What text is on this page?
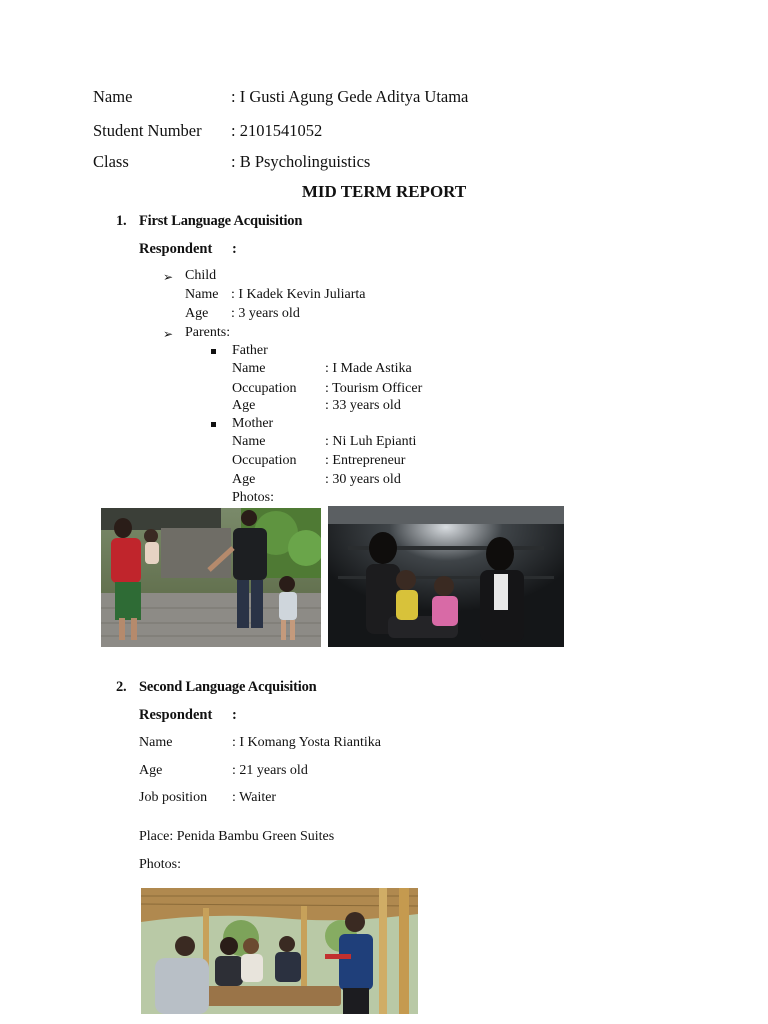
Name	: I Gusti Agung Gede Aditya Utama
Student Number : 2101541052
Class	: B Psycholinguistics
MID TERM REPORT
1. First Language Acquisition
Respondent :
➢ Child
Name : I Kadek Kevin Juliarta
Age : 3 years old
➢ Parents:
Father
Name	: I Made Astika
Occupation : Tourism Officer
Age	: 33 years old
Mother
Name	: Ni Luh Epianti
Occupation : Entrepreneur
Age	: 30 years old
Photos:
2. Second Language Acquisition
Respondent :
Name	: I Komang Yosta Riantika
Age	: 21 years old
Job position : Waiter
Place: Penida Bambu Green Suites
Photos:
